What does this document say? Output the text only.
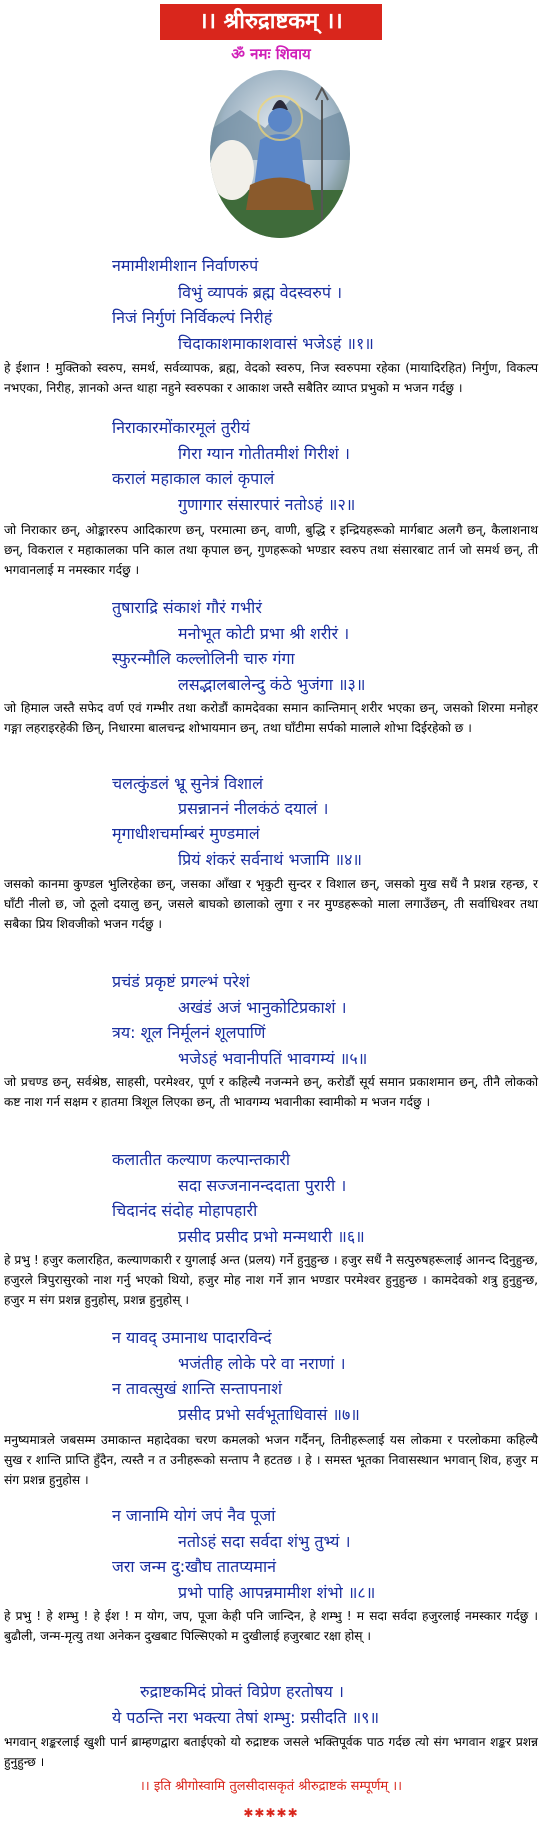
।। श्रीरुद्राष्टकम् ।।
ॐ नमः शिवाय
नमामीशमीशान निर्वाणरुपं
विभुं व्यापकं ब्रह्म वेदस्वरुपं ।
निजं निर्गुणं निर्विकल्पं निरीहं
चिदाकाशमाकाशवासं भजेऽहं ॥१॥
हे ईशान ! मुक्तिको स्वरुप, समर्थ, सर्वव्यापक, ब्रह्म, वेदको स्वरुप, निज स्वरुपमा रहेका (मायादिरहित) निर्गुण, विकल्प नभएका, निरीह, ज्ञानको अन्त थाहा नहुने स्वरुपका र आकाश जस्तै सबैतिर व्याप्त प्रभुको म भजन गर्दछु ।
निराकारमोंकारमूलं तुरीयं
गिरा ग्यान गोतीतमीशं गिरीशं ।
करालं महाकाल कालं कृपालं
गुणागार संसारपारं नतोऽहं ॥२॥
जो निराकार छन्, ओङ्काररुप आदिकारण छन्, परमात्मा छन्, वाणी, बुद्धि र इन्द्रियहरूको मार्गबाट अलगै छन्, कैलाशनाथ छन्, विकराल र महाकालका पनि काल तथा कृपाल छन्, गुणहरूको भण्डार स्वरुप तथा संसारबाट तार्न जो समर्थ छन्, ती भगवानलाई म नमस्कार गर्दछु ।
तुषाराद्रि संकाशं गौरं गभीरं
मनोभूत कोटी प्रभा श्री शरीरं ।
स्फुरन्मौलि कल्लोलिनी चारु गंगा
लसद्भालबालेन्दु कंठे भुजंगा ॥३॥
जो हिमाल जस्तै सफेद वर्ण एवं गम्भीर तथा करोडौं कामदेवका समान कान्तिमान् शरीर भएका छन्, जसको शिरमा मनोहर गङ्गा लहराइरहेकी छिन्, निधारमा बालचन्द्र शोभायमान छन्, तथा घाँटीमा सर्पको मालाले शोभा दिईरहेको छ ।
चलत्कुंडलं भ्रू सुनेत्रं विशालं
प्रसन्नाननं नीलकंठं दयालं ।
मृगाधीशचर्माम्बरं मुण्डमालं
प्रियं शंकरं सर्वनाथं भजामि ॥४॥
जसको कानमा कुण्डल भुलिरहेका छन्, जसका आँखा र भृकुटी सुन्दर र विशाल छन्, जसको मुख सधैं नै प्रशन्न रहन्छ, र घाँटी नीलो छ, जो ठूलो दयालु छन्, जसले बाघको छालाको लुगा र नर मुण्डहरूको माला लगाउँछन्, ती सर्वाधिश्वर तथा सबैका प्रिय शिवजीको भजन गर्दछु ।
प्रचंडं प्रकृष्टं प्रगल्भं परेशं
अखंडं अजं भानुकोटिप्रकाशं ।
त्रय: शूल निर्मूलनं शूलपाणिं
भजेऽहं भवानीपतिं भावगम्यं ॥५॥
जो प्रचण्ड छन्, सर्वश्रेष्ठ, साहसी, परमेश्वर, पूर्ण र कहिल्यै नजन्मने छन्, करोडौं सूर्य समान प्रकाशमान छन्, तीनै लोकको कष्ट नाश गर्न सक्षम र हातमा त्रिशूल लिएका छन्, ती भावगम्य भवानीका स्वामीको म भजन गर्दछु ।
कलातीत कल्याण कल्पान्तकारी
सदा सज्जनानन्ददाता पुरारी ।
चिदानंद संदोह मोहापहारी
प्रसीद प्रसीद प्रभो मन्मथारी ॥६॥
हे प्रभु ! हजुर कलारहित, कल्याणकारी र युगलाई अन्त (प्रलय) गर्ने हुनुहुन्छ । हजुर सधैं नै सत्पुरुषहरूलाई आनन्द दिनुहुन्छ, हजुरले त्रिपुरासुरको नाश गर्नु भएको थियो, हजुर मोह नाश गर्ने ज्ञान भण्डार परमेश्वर हुनुहुन्छ । कामदेवको शत्रु हुनुहुन्छ, हजुर म संग प्रशन्न हुनुहोस्, प्रशन्न हुनुहोस् ।
न यावद् उमानाथ पादारविन्दं
भजंतीह लोके परे वा नराणां ।
न तावत्सुखं शान्ति सन्तापनाशं
प्रसीद प्रभो सर्वभूताधिवासं ॥७॥
मनुष्यमात्रले जबसम्म उमाकान्त महादेवका चरण कमलको भजन गर्दैनन्, तिनीहरूलाई यस लोकमा र परलोकमा कहिल्यै सुख र शान्ति प्राप्ति हुँदैन, त्यस्तै न त उनीहरूको सन्ताप नै हटतछ । हे । समस्त भूतका निवासस्थान भगवान् शिव, हजुर म संग प्रशन्न हुनुहोस ।
न जानामि योगं जपं नैव पूजां
नतोऽहं सदा सर्वदा शंभु तुभ्यं ।
जरा जन्म दु:खौघ तातप्यमानं
प्रभो पाहि आपन्नमामीश शंभो ॥८॥
हे प्रभु ! हे शम्भु ! हे ईश ! म योग, जप, पूजा केही पनि जान्दिन, हे शम्भु ! म सदा सर्वदा हजुरलाई नमस्कार गर्दछु । बुढौली, जन्म-मृत्यु तथा अनेकन दुखबाट पिल्सिएको म दुखीलाई हजुरबाट रक्षा होस् ।
रुद्राष्टकमिदं प्रोक्तं विप्रेण हरतोषय ।
ये पठन्ति नरा भक्त्या तेषां शम्भु: प्रसीदति ॥९॥
भगवान् शङ्करलाई खुशी पार्न ब्राम्हणद्वारा बताईएको यो रुद्राष्टक जसले भक्तिपूर्वक पाठ गर्दछ त्यो संग भगवान शङ्कर प्रशन्न हुनुहुन्छ ।
।। इति श्रीगोस्वामि तुलसीदासकृतं श्रीरुद्राष्टकं सम्पूर्णम् ।।
✱✱✱✱✱
